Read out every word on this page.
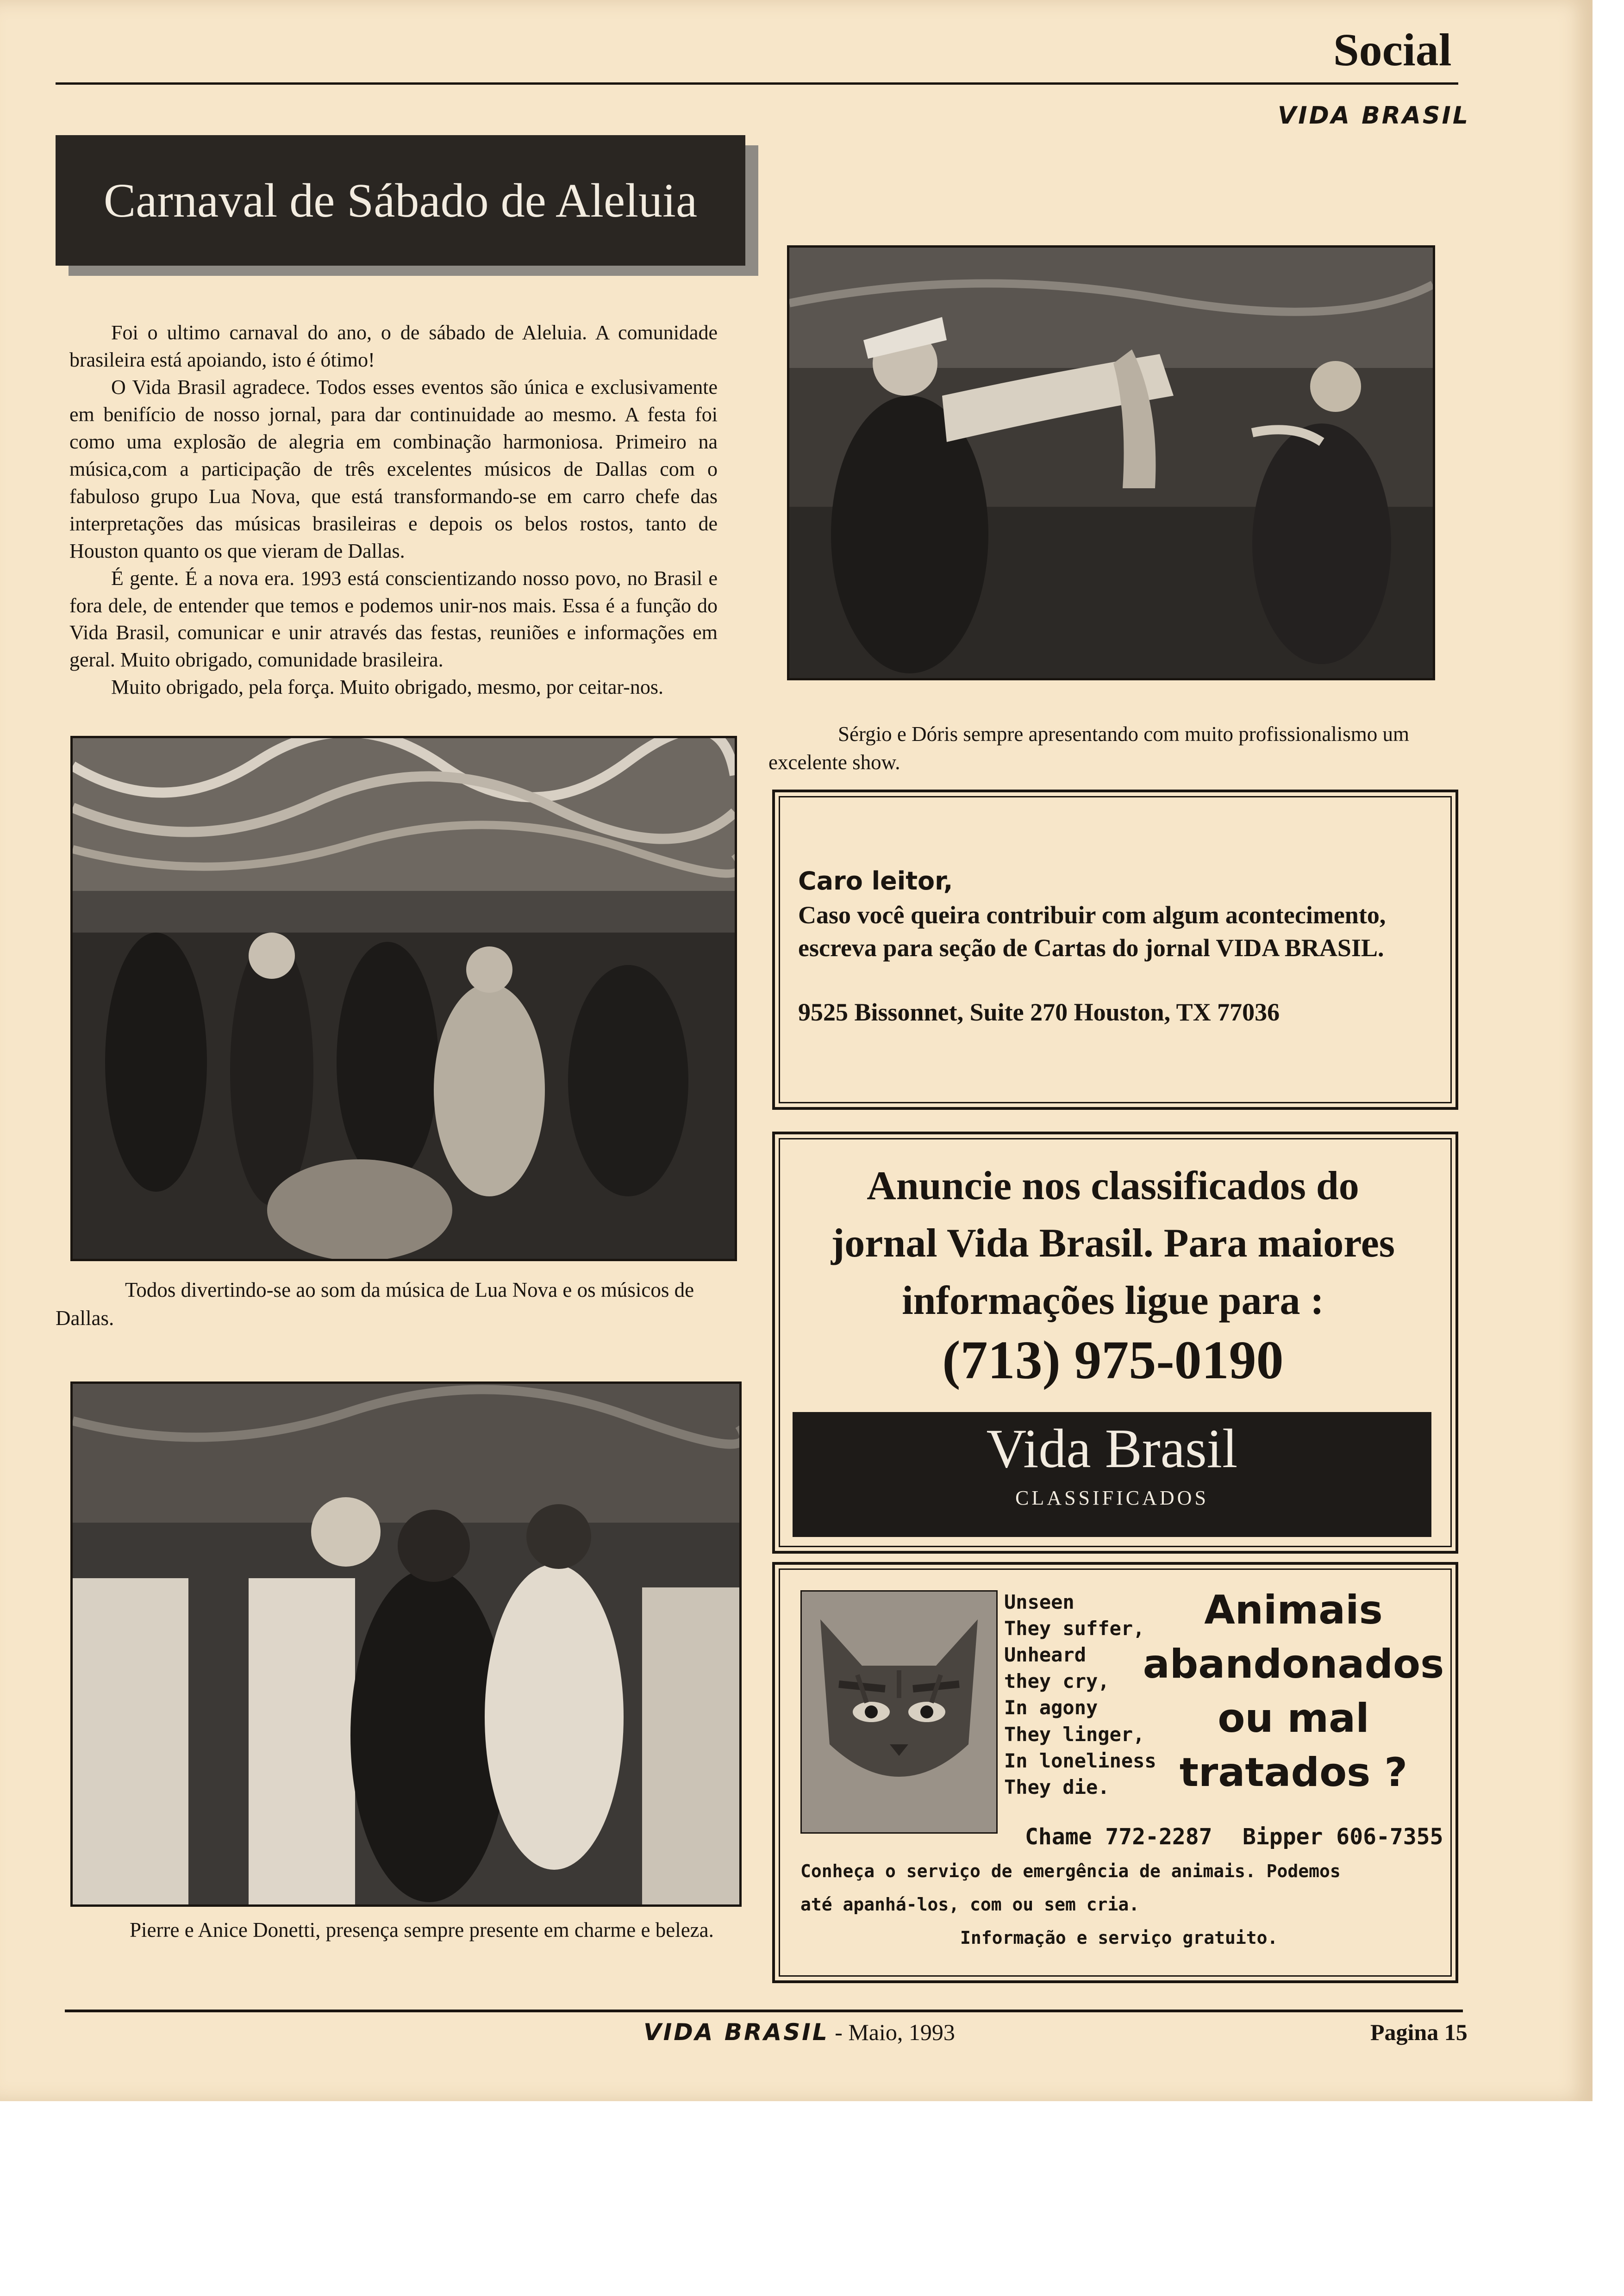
Social
VIDA BRASIL
Carnaval de Sábado de Aleluia

Foi o ultimo carnaval do ano, o de sábado de Aleluia. A comunidade brasileira está apoiando, isto é ótimo!

O Vida Brasil agradece. Todos esses eventos são única e exclusivamente em benifício de nosso jornal, para dar continuidade ao mesmo. A festa foi como uma explosão de alegria em combinação harmoniosa. Primeiro na música,com a participação de três excelentes músicos de Dallas com o fabuloso grupo Lua Nova, que está transformando-se em carro chefe das interpretações das músicas brasileiras e depois os belos rostos, tanto de Houston quanto os que vieram de Dallas.

É gente. É a nova era. 1993 está conscientizando nosso povo, no Brasil e fora dele, de entender que temos e podemos unir-nos mais. Essa é a função do Vida Brasil, comunicar e unir através das festas, reuniões e informações em geral. Muito obrigado, comunidade brasileira.

Muito obrigado, pela força. Muito obrigado, mesmo, por ceitar-nos.

Sérgio e Dóris sempre apresentando com muito profissionalismo um excelente show.
Todos divertindo-se ao som da música de Lua Nova e os músicos de Dallas.
Pierre e Anice Donetti, presença sempre presente em charme e beleza.
Caro leitor,
Caso você queira contribuir com algum acontecimento, escreva para seção de Cartas do jornal VIDA BRASIL.
9525 Bissonnet, Suite 270 Houston, TX 77036
Anuncie nos classificados do
jornal Vida Brasil. Para maiores
informações ligue para :
(713) 975-0190
Vida Brasil
CLASSIFICADOS
Unseen
They suffer,
Unheard
they cry,
In agony
They linger,
In loneliness
They die.
Animais
abandonados
ou mal
tratados ?
Chame 772-2287 Bipper 606-7355
Conheça o serviço de emergência de animais. Podemos
até apanhá-los, com ou sem cria.
Informação e serviço gratuito.
VIDA BRASIL - Maio, 1993	Pagina 15
